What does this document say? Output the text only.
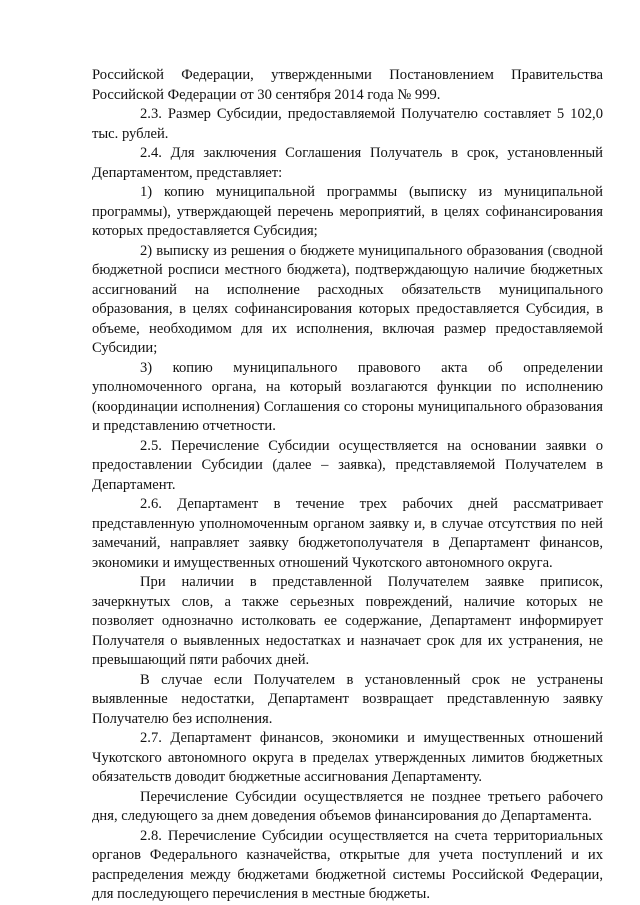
Российской Федерации, утвержденными Постановлением Правительства Российской Федерации от 30 сентября 2014 года № 999.

2.3. Размер Субсидии, предоставляемой Получателю составляет 5 102,0 тыс. рублей.

2.4. Для заключения Соглашения Получатель в срок, установленный Департаментом, представляет:

1) копию муниципальной программы (выписку из муниципальной программы), утверждающей перечень мероприятий, в целях софинансирования которых предоставляется Субсидия;

2) выписку из решения о бюджете муниципального образования (сводной бюджетной росписи местного бюджета), подтверждающую наличие бюджетных ассигнований на исполнение расходных обязательств муниципального образования, в целях софинансирования которых предоставляется Субсидия, в объеме, необходимом для их исполнения, включая размер предоставляемой Субсидии;

3) копию муниципального правового акта об определении уполномоченного органа, на который возлагаются функции по исполнению (координации исполнения) Соглашения со стороны муниципального образования и представлению отчетности.

2.5. Перечисление Субсидии осуществляется на основании заявки о предоставлении Субсидии (далее – заявка), представляемой Получателем в Департамент.

2.6. Департамент в течение трех рабочих дней рассматривает представленную уполномоченным органом заявку и, в случае отсутствия по ней замечаний, направляет заявку бюджетополучателя в Департамент финансов, экономики и имущественных отношений Чукотского автономного округа.

При наличии в представленной Получателем заявке приписок, зачеркнутых слов, а также серьезных повреждений, наличие которых не позволяет однозначно истолковать ее содержание, Департамент информирует Получателя о выявленных недостатках и назначает срок для их устранения, не превышающий пяти рабочих дней.

В случае если Получателем в установленный срок не устранены выявленные недостатки, Департамент возвращает представленную заявку Получателю без исполнения.

2.7. Департамент финансов, экономики и имущественных отношений Чукотского автономного округа в пределах утвержденных лимитов бюджетных обязательств доводит бюджетные ассигнования Департаменту.

Перечисление Субсидии осуществляется не позднее третьего рабочего дня, следующего за днем доведения объемов финансирования до Департамента.

2.8. Перечисление Субсидии осуществляется на счета территориальных органов Федерального казначейства, открытые для учета поступлений и их распределения между бюджетами бюджетной системы Российской Федерации, для последующего перечисления в местные бюджеты.
